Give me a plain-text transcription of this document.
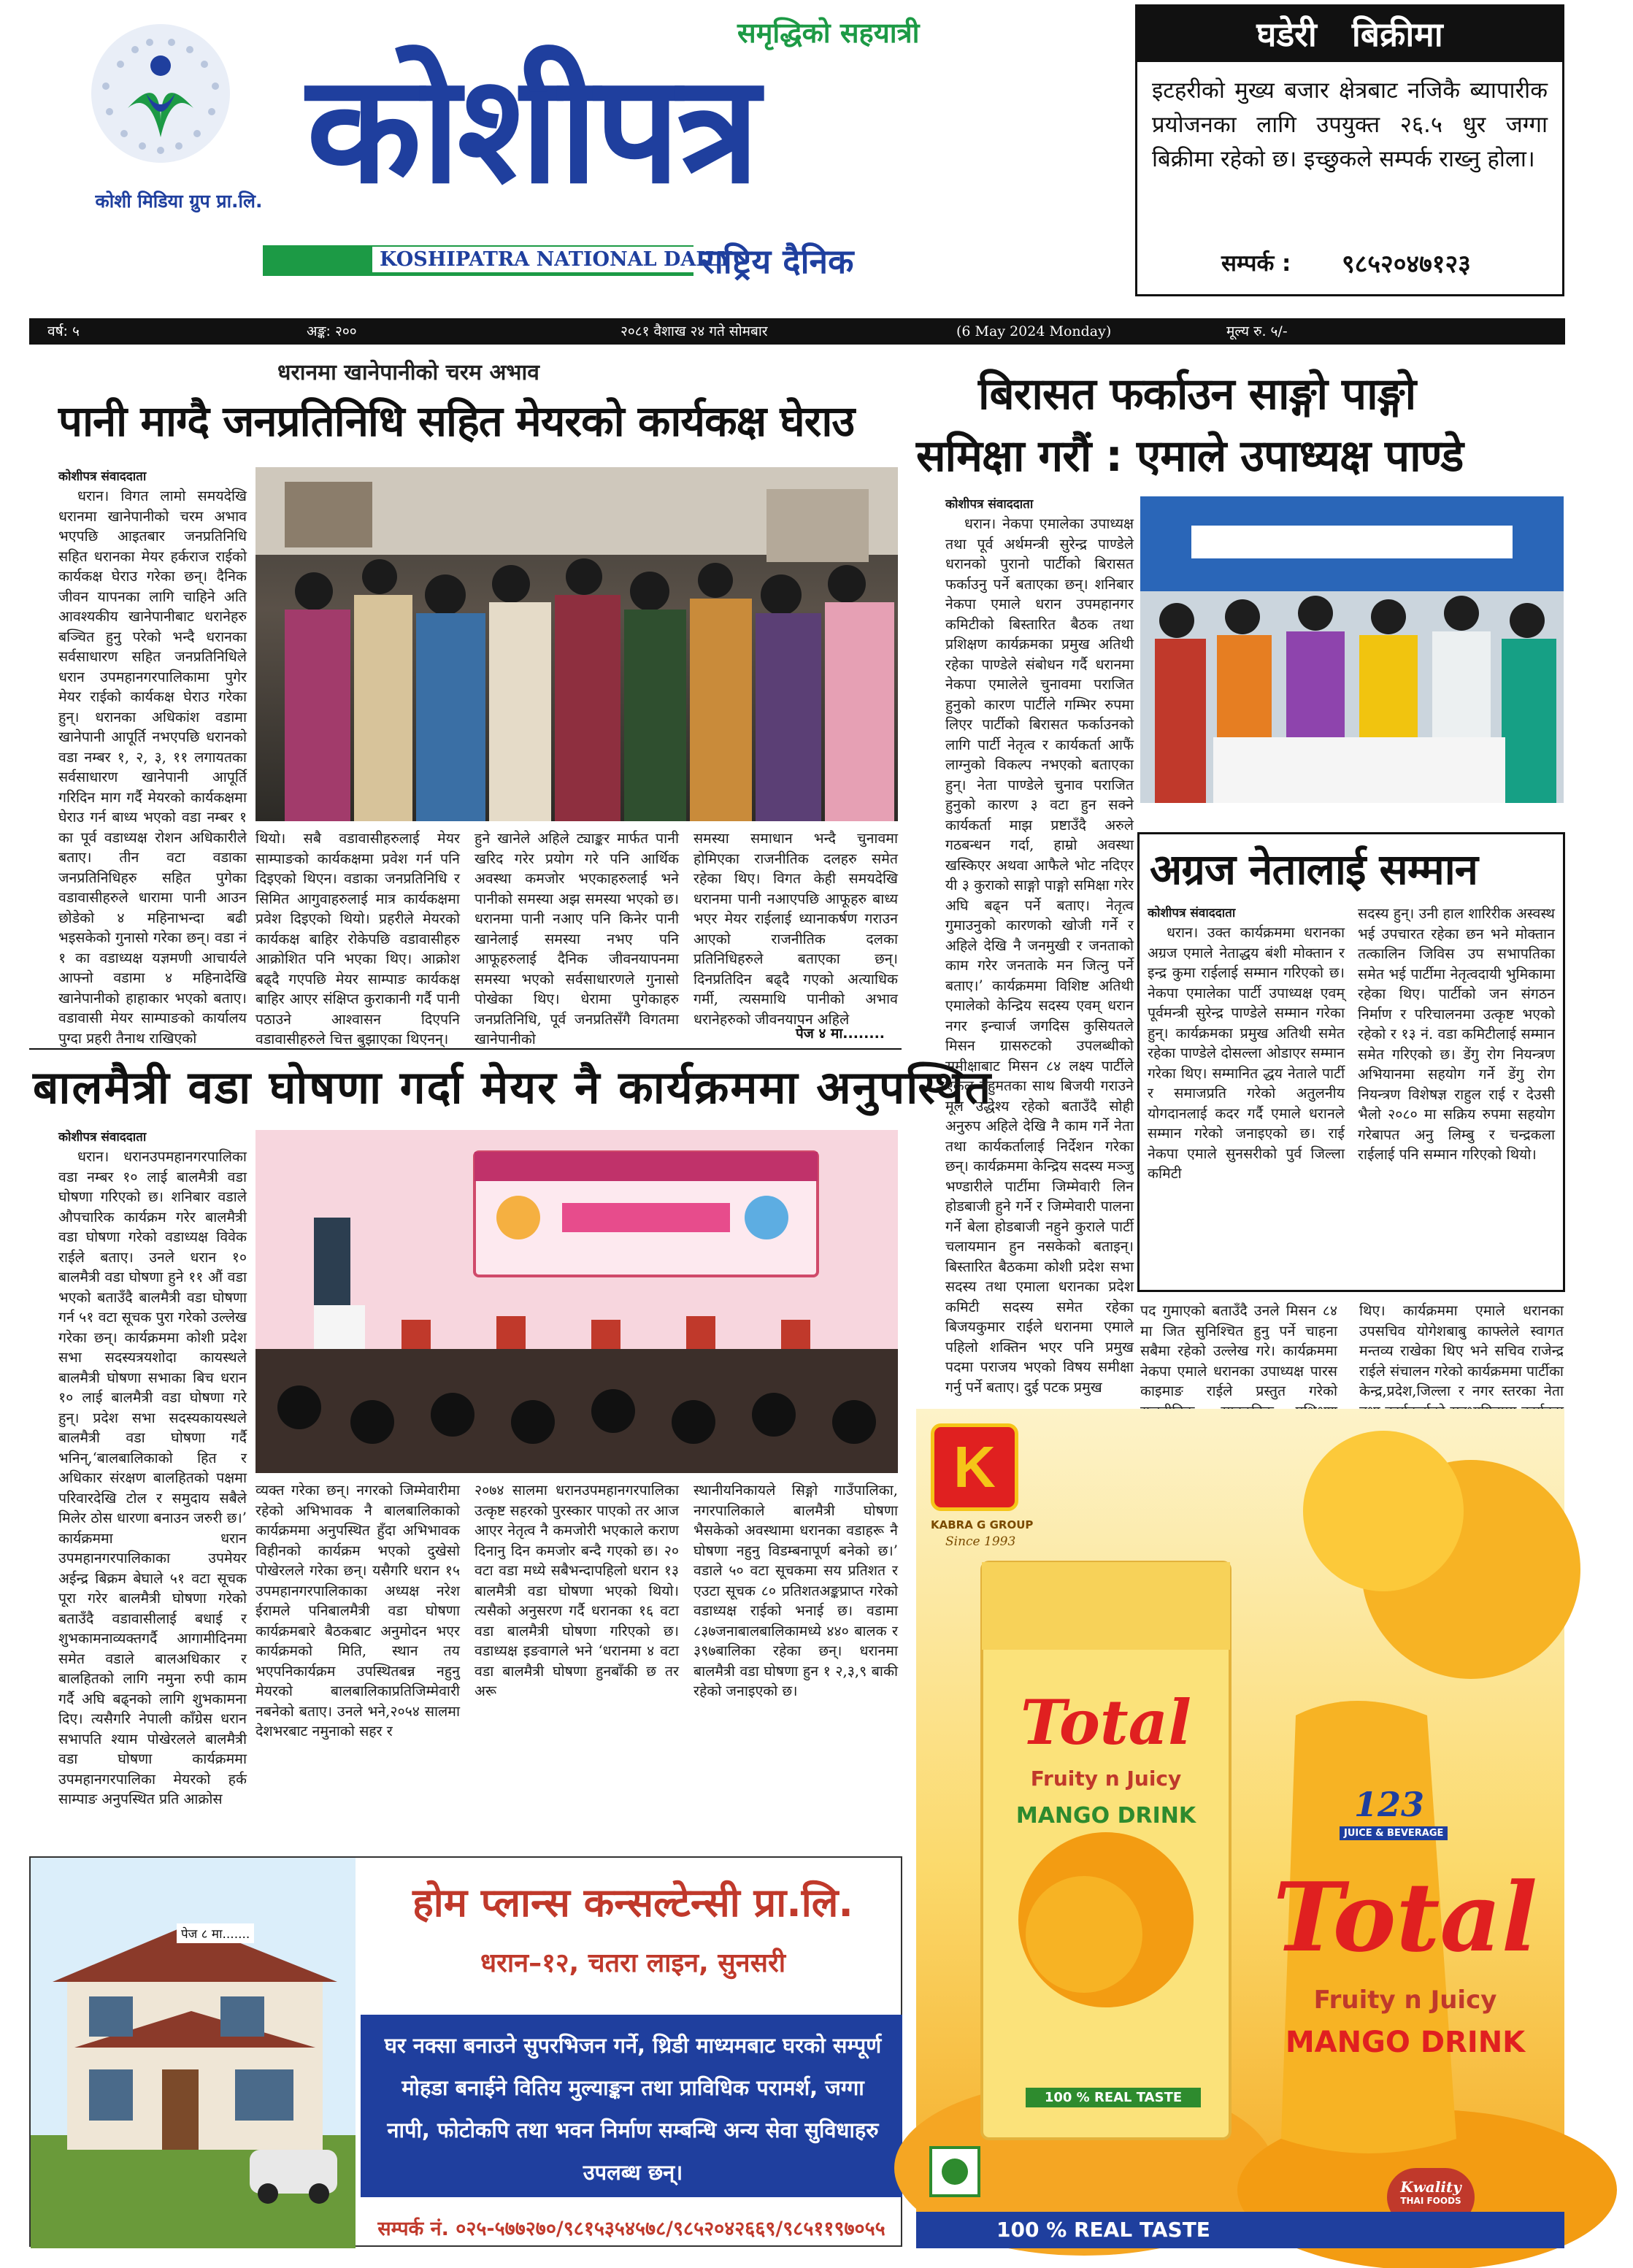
कोशी मिडिया ग्रुप प्रा.लि.
समृद्धिको सहयात्री
कोशीपत्र
KOSHIPATRA NATIONAL DAILY
राष्ट्रिय दैनिक
घडेरी   बिक्रीमा
इटहरीको मुख्य बजार क्षेत्रबाट नजिकै ब्यापारीक प्रयोजनका लागि उपयुक्त २६.५ धुर जग्गा बिक्रीमा रहेको छ। इच्छुकले सम्पर्क राख्नु होला।
सम्पर्क : ९८५२०४७१२३
वर्ष: ५	अङ्क: २००	२०८१ वैशाख २४ गते सोमबार	(6 May 2024 Monday)	मूल्य रु. ५/-
धरानमा खानेपानीको चरम अभाव
पानी माग्दै जनप्रतिनिधि सहित मेयरको कार्यकक्ष घेराउ
कोशीपत्र संवाददाता

धरान। विगत लामो समयदेखि धरानमा खानेपानीको चरम अभाव भएपछि आइतबार जनप्रतिनिधि सहित धरानका मेयर हर्कराज राईको कार्यकक्ष घेराउ गरेका छन्। दैनिक जीवन यापनका लागि चाहिने अति आवश्यकीय खानेपानीबाट धरानेहरु बञ्चित हुनु परेको भन्दै धरानका सर्वसाधारण सहित जनप्रतिनिधिले धरान उपमहानगरपालिकामा पुगेर मेयर राईको कार्यकक्ष घेराउ गरेका हुन्। धरानका अधिकांश वडामा खानेपानी आपूर्ति नभएपछि धरानको वडा नम्बर १, २, ३, ११ लगायतका सर्वसाधारण खानेपानी आपूर्ति गरिदिन माग गर्दै मेयरको कार्यकक्षमा घेराउ गर्न बाध्य भएको वडा नम्बर १ का पूर्व वडाध्यक्ष रोशन अधिकारीले बताए। तीन वटा वडाका जनप्रतिनिधिहरु सहित पुगेका वडावासीहरुले धारामा पानी आउन छोडेको ४ महिनाभन्दा बढी भइसकेको गुनासो गरेका छन्। वडा नं १ का वडाध्यक्ष यज्ञमणी आचार्यले आफ्नो वडामा ४ महिनादेखि खानेपानीको हाहाकार भएको बताए। वडावासी मेयर साम्पाङको कार्यालय पुग्दा प्रहरी तैनाथ राखिएको

थियो। सबै वडावासीहरुलाई मेयर साम्पाङको कार्यकक्षमा प्रवेश गर्न पनि दिइएको थिएन। वडाका जनप्रतिनिधि र सिमित आगुवाहरुलाई मात्र कार्यकक्षमा प्रवेश दिइएको थियो। प्रहरीले मेयरको कार्यकक्ष बाहिर रोकेपछि वडावासीहरु आक्रोशित पनि भएका थिए। आक्रोश बढ्दै गएपछि मेयर साम्पाङ कार्यकक्ष बाहिर आएर संक्षिप्त कुराकानी गर्दै पानी पठाउने आश्वासन दिएपनि वडावासीहरुले चित्त बुझाएका थिएनन्।

हुने खानेले अहिले ट्याङ्कर मार्फत पानी खरिद गरेर प्रयोग गरे पनि आर्थिक अवस्था कमजोर भएकाहरुलाई भने पानीको समस्या अझ समस्या भएको छ। धरानमा पानी नआए पनि किनेर पानी खानेलाई समस्या नभए पनि आफूहरुलाई दैनिक जीवनयापनमा समस्या भएको सर्वसाधारणले गुनासो पोखेका थिए। धेरामा पुगेकाहरु जनप्रतिनिधि, पूर्व जनप्रतिसँगै विगतमा खानेपानीको

समस्या समाधान भन्दै चुनावमा होमिएका राजनीतिक दलहरु समेत रहेका थिए। विगत केही समयदेखि धरानमा पानी नआएपछि आफूहरु बाध्य भएर मेयर राईलाई ध्यानाकर्षण गराउन आएको राजनीतिक दलका प्रतिनिधिहरुले बताएका छन्। दिनप्रतिदिन बढ्दै गएको अत्याधिक गर्मी, त्यसमाथि पानीको अभाव धरानेहरुको जीवनयापन अहिले

पेज ४ मा........
बालमैत्री वडा घोषणा गर्दा मेयर नै कार्यक्रममा अनुपस्थित
कोशीपत्र संवाददाता

धरान। धरानउपमहानगरपालिका वडा नम्बर १० लाई बालमैत्री वडा घोषणा गरिएको छ। शनिबार वडाले औपचारिक कार्यक्रम गरेर बालमैत्री वडा घोषणा गरेको वडाध्यक्ष विवेक राईले बताए। उनले धरान १० बालमैत्री वडा घोषणा हुने ११ औं वडा भएको बताउँदै बालमैत्री वडा घोषणा गर्न ५१ वटा सूचक पुरा गरेको उल्लेख गरेका छन्। कार्यक्रममा कोशी प्रदेश सभा सदस्यत्रयशोदा कायस्थले बालमैत्री घोषणा सभाका बिच धरान १० लाई बालमैत्री वडा घोषणा गरे हुन्। प्रदेश सभा सदस्यकायस्थले बालमैत्री वडा घोषणा गर्दै भनिन्,‘बालबालिकाको हित र अधिकार संरक्षण बालहितको पक्षमा परिवारदेखि टोल र समुदाय सबैले मिलेर ठोस धारणा बनाउन जरुरी छ।’ कार्यक्रममा धरान उपमहानगरपालिकाका उपमेयर अईन्द्र बिक्रम बेघाले ५१ वटा सूचक पूरा गरेर बालमैत्री घोषणा गरेको बताउँदै वडावासीलाई बधाई र शुभकामनाव्यक्तगर्दै आगामीदिनमा समेत वडाले बालअधिकार र बालहितको लागि नमुना रुपी काम गर्दै अघि बढ्नको लागि शुभकामना दिए। त्यसैगरि नेपाली काँग्रेस धरान सभापति श्याम पोखेरलले बालमैत्री वडा घोषणा कार्यक्रममा उपमहानगरपालिका मेयरको हर्क साम्पाङ अनुपस्थित प्रति आक्रोस

व्यक्त गरेका छन्। नगरको जिम्मेवारीमा रहेको अभिभावक नै बालबालिकाको कार्यक्रममा अनुपस्थित हुँदा अभिभावक विहीनको कार्यक्रम भएको दुखेसो पोखेरलले गरेका छन्। यसैगरि धरान १५ उपमहानगरपालिकाका अध्यक्ष नरेश ईरामले पनिबालमैत्री वडा घोषणा कार्यक्रमबारे बैठकबाट अनुमोदन भएर कार्यक्रमको मिति, स्थान तय भएपनिकार्यक्रम उपस्थितबन्न नहुनु मेयरको बालबालिकाप्रतिजिम्मेवारी नबनेको बताए। उनले भने,२०५४ सालमा देशभरबाट नमुनाको सहर र

२०७४ सालमा धरानउपमहानगरपालिका उत्कृष्ट सहरको पुरस्कार पाएको तर आज आएर नेतृत्व नै कमजोरी भएकाले कराण दिनानु दिन कमजोर बन्दै गएको छ। २० वटा वडा मध्ये सबैभन्दापहिलो धरान १३ बालमैत्री वडा घोषणा भएको थियो। त्यसैको अनुसरण गर्दै धरानका १६ वटा वडा बालमैत्री घोषणा गरिएको छ। वडाध्यक्ष इङवागले भने ‘धरानमा ४ वटा वडा बालमैत्री घोषणा हुनबाँकी छ तर अरू

स्थानीयनिकायले सिङ्गो गाउँपालिका, नगरपालिकाले बालमैत्री घोषणा भैसकेको अवस्थामा धरानका वडाहरू नै घोषणा नहुनु विडम्बनापूर्ण बनेको छ।’ वडाले ५० वटा सूचकमा सय प्रतिशत र एउटा सूचक ८० प्रतिशतअङ्कप्राप्त गरेको वडाध्यक्ष राईको भनाई छ। वडामा ८३७जनाबालबालिकामध्ये ४४० बालक र ३९७बालिका रहेका छन्। धरानमा बालमैत्री वडा घोषणा हुन १ २,३,९ बाकी रहेको जनाइएको छ।

बिरासत फर्काउन साङ्गो पाङ्गो
समिक्षा गरौं : एमाले उपाध्यक्ष पाण्डे
कोशीपत्र संवाददाता

धरान। नेकपा एमालेका उपाध्यक्ष तथा पूर्व अर्थमन्त्री सुरेन्द्र पाण्डेले धरानको पुरानो पार्टीको बिरासत फर्काउनु पर्ने बताएका छन्। शनिबार नेकपा एमाले धरान उपमहानगर कमिटीको बिस्तारित बैठक तथा प्रशिक्षण कार्यक्रमका प्रमुख अतिथी रहेका पाण्डेले संबोधन गर्दै धरानमा नेकपा एमालेले चुनावमा पराजित हुनुको कारण पार्टीले गम्भिर रुपमा लिएर पार्टीको बिरासत फर्काउनको लागि पार्टी नेतृत्व र कार्यकर्ता आफैं लाग्नुको विकल्प नभएको बताएका हुन्। नेता पाण्डेले चुनाव पराजित हुनुको कारण ३ वटा हुन सक्ने कार्यकर्ता माझ प्रष्टाउँदै अरुले गठबन्धन गर्दा, हाम्रो अवस्था खस्किएर अथवा आफैले भोट नदिएर यी ३ कुराको साङ्गो पाङ्गो समिक्षा गरेर अघि बढ्न पर्ने बताए। नेतृत्व गुमाउनुको कारणको खोजी गर्ने र अहिले देखि नै जनमुखी र जनताको काम गरेर जनताके मन जित्नु पर्ने बताए।’ कार्यक्रममा विशिष्ट अतिथी एमालेको केन्द्रिय सदस्य एवम् धरान नगर इन्चार्ज जगदिस कुसियतले मिसन ग्रासरुटको उपलब्धीको समीक्षाबाट मिसन ८४ लक्ष्य पार्टीले एकल बहुमतका साथ बिजयी गराउने मूल उद्धेश्य रहेको बताउँदै सोही अनुरुप अहिले देखि नै काम गर्ने नेता तथा कार्यकर्तालाई निर्देशन गरेका छन्। कार्यक्रममा केन्द्रिय सदस्य मञ्जु भण्डारीले पार्टीमा जिम्मेवारी लिन होडबाजी हुने गर्ने र जिम्मेवारी पालना गर्ने बेला होडबाजी नहुने कुराले पार्टी चलायमान हुन नसकेको बताइन्। बिस्तारित बैठकमा कोशी प्रदेश सभा सदस्य तथा एमाला धरानका प्रदेश कमिटी सदस्य समेत रहेका बिजयकुमार राईले धरानमा एमाले पहिलो शक्तिन भएर पनि प्रमुख पदमा पराजय भएको विषय समीक्षा गर्नु पर्ने बताए। दुई पटक प्रमुख

अग्रज नेतालाई सम्मान
कोशीपत्र संवाददाता

धरान। उक्त कार्यक्रममा धरानका अग्रज एमाले नेताद्धय बंशी मोक्तान र इन्द्र कुमा राईलाई सम्मान गरिएको छ। नेकपा एमालेका पार्टी उपाध्यक्ष एवम् पूर्वमन्त्री सुरेन्द्र पाण्डेले सम्मान गरेका हुन्। कार्यक्रमका प्रमुख अतिथी समेत रहेका पाण्डेले दोसल्ला ओडाएर सम्मान गरेका थिए। सम्मानित द्धय नेताले पार्टी र समाजप्रति गरेको अतुलनीय योगदानलाई कदर गर्दै एमाले धरानले सम्मान गरेको जनाइएको छ। राई नेकपा एमाले सुनसरीको पुर्व जिल्ला कमिटी

सदस्य हुन्। उनी हाल शारिरीक अस्वस्थ भई उपचारत रहेका छन भने मोक्तान तत्कालिन जिविस उप सभापतिका समेत भई पार्टीमा नेतृत्वदायी भुमिकामा रहेका थिए। पार्टीको जन संगठन निर्माण र परिचालनमा उत्कृष्ट भएको रहेको र १३ नं. वडा कमिटीलाई सम्मान समेत गरिएको छ। डेंगु रोग नियन्त्रण अभियानमा सहयोग गर्ने डेंगु रोग नियन्त्रण विशेषज्ञ राहुल राई र देउसी भैलो २०८० मा सक्रिय रुपमा सहयोग गरेबापत अनु लिम्बु र चन्द्रकला राईलाई पनि सम्मान गरिएको थियो।

पद गुमाएको बताउँदै उनले मिसन ८४ मा जित सुनिश्चित हुनु पर्ने चाहना सबैमा रहेको उल्लेख गरे। कार्यक्रममा नेकपा एमाले धरानका उपाध्यक्ष पारस काइमाङ राईले प्रस्तुत गरेको

थिए। कार्यक्रममा एमाले धरानका उपसचिव योगेशबाबु काफ्लेले स्वागत मन्तव्य राखेका थिए भने सचिव राजेन्द्र राईले संचालन गरेको कार्यक्रममा पार्टीका केन्द्र,प्रदेश,जिल्ला र नगर स्तरका नेता

पेज ८ मा.......
होम प्लान्स कन्सल्टेन्सी प्रा.लि.
धरान–१२, चतरा लाइन, सुनसरी
घर नक्सा बनाउने सुपरभिजन गर्ने, थ्रिडी माध्यमबाट घरको सम्पूर्ण मोहडा बनाईने वितिय मुल्याङ्कन तथा प्राविधिक परामर्श, जग्गा नापी, फोटोकपि तथा भवन निर्माण सम्बन्धि अन्य सेवा सुविधाहरु उपलब्ध छन्।
सम्पर्क नं. ०२५-५७७२७०/९८१५३५४५७८/९८५२०४२६६९/९८५११९७०५५
K
KABRA G GROUP
Since 1993
Total
Fruity n Juicy
MANGO DRINK
100 % REAL TASTE
123
JUICE & BEVERAGE
Total
Fruity n Juicy
MANGO DRINK
Kwality
THAI FOODS
100 % REAL TASTE
